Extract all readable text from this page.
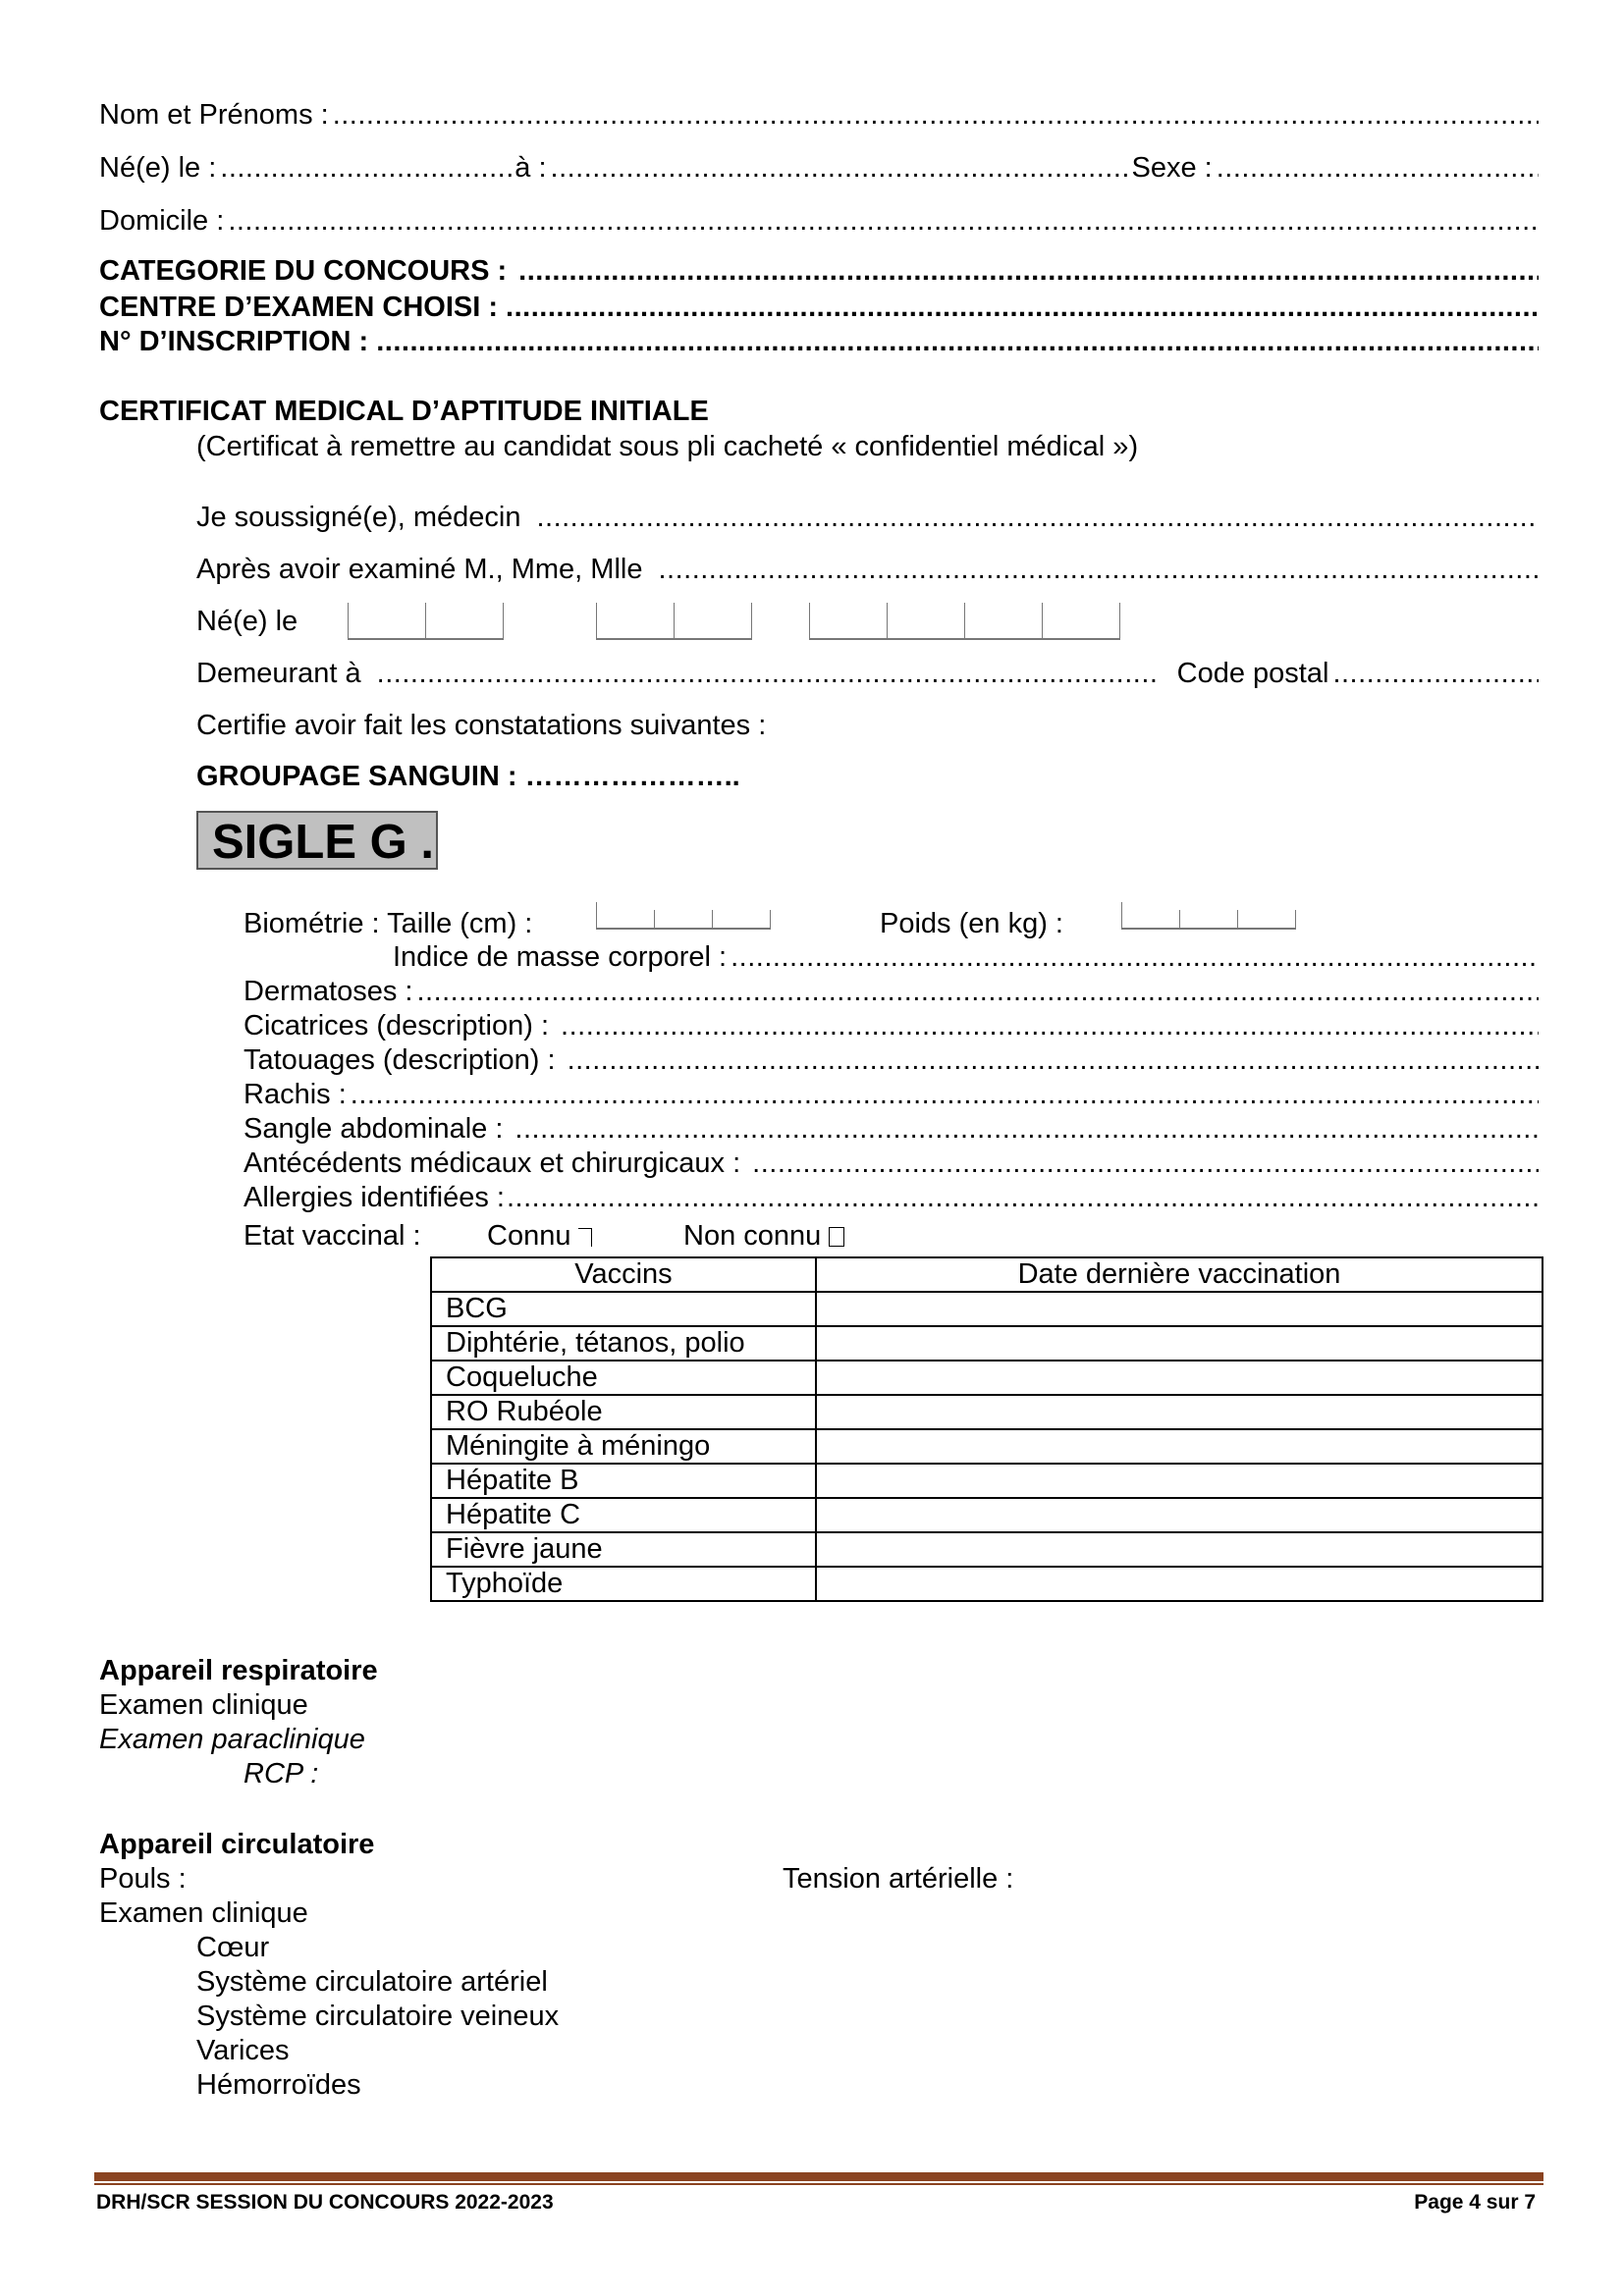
Nom et Prénoms :
.....
Né(e) le : .....	à : .....	Sexe :
.....
Domicile :
.....
CATEGORIE DU CONCOURS :
.....
CENTRE D’EXAMEN CHOISI :
.....
N° D’INSCRIPTION :
.....
CERTIFICAT MEDICAL D’APTITUDE INITIALE
(Certificat à remettre au candidat sous pli cacheté « confidentiel médical »)
Je soussigné(e), médecin
.....
Après avoir examiné M., Mme, Mlle
.....
Né(e) le
Demeurant à .....	Code postal
.....
Certifie avoir fait les constatations suivantes :
GROUPAGE SANGUIN : …………………..
SIGLE G .
Biométrie : Taille (cm) :	Poids (en kg) :
Indice de masse corporel :
.....
Dermatoses :
.....
Cicatrices (description) :
.....
Tatouages (description) :
.....
Rachis :
.....
Sangle abdominale :
.....
Antécédents médicaux et chirurgicaux :
.....
Allergies identifiées :
.....
Etat vaccinal : Connu	Non connu
Vaccins	Date dernière vaccination
BCG	
Diphtérie, tétanos, polio	
Coqueluche	
RO Rubéole	
Méningite à méningo	
Hépatite B	
Hépatite C	
Fièvre jaune	
Typhoïde	
Appareil respiratoire
Examen clinique
Examen paraclinique
RCP :
Appareil circulatoire
Pouls :	Tension artérielle :
Examen clinique
Cœur
Système circulatoire artériel
Système circulatoire veineux
Varices
Hémorroïdes
DRH/SCR SESSION DU CONCOURS 2022-2023	Page 4 sur 7
